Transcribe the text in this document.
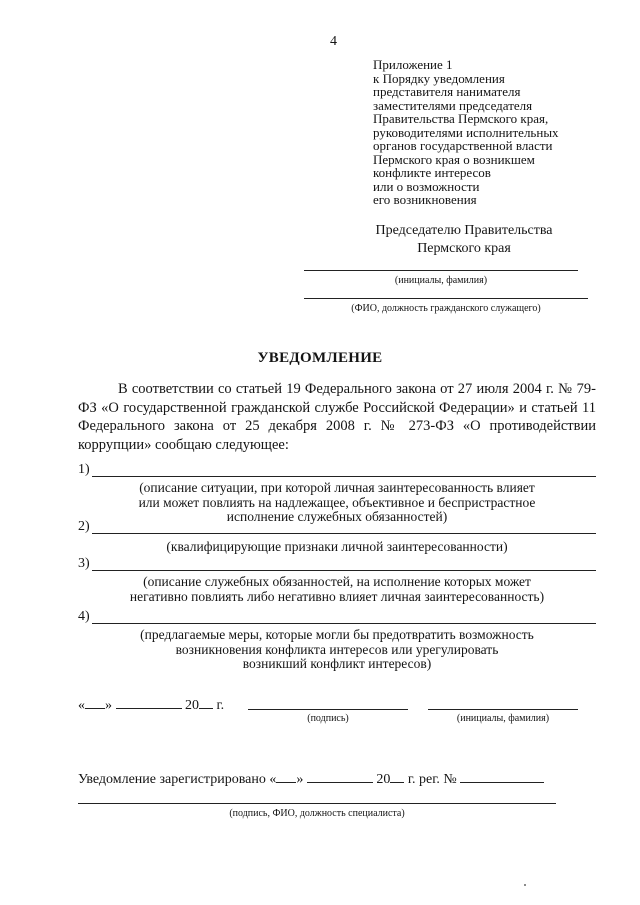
4
Приложение 1
к Порядку уведомления
представителя нанимателя
заместителями председателя
Правительства Пермского края,
руководителями исполнительных
органов государственной власти
Пермского края о возникшем
конфликте интересов
или о возможности
его возникновения
Председателю Правительства
Пермского края
(инициалы, фамилия)
(ФИО, должность гражданского служащего)
УВЕДОМЛЕНИЕ
В соответствии со статьей 19 Федерального закона от 27 июля 2004 г. № 79-ФЗ «О государственной гражданской службе Российской Федерации» и статьей 11 Федерального закона от 25 декабря 2008 г. № 273-ФЗ «О противодействии коррупции» сообщаю следующее:
1)
(описание ситуации, при которой личная заинтересованность влияет
или может повлиять на надлежащее, объективное и беспристрастное
исполнение служебных обязанностей)
2)
(квалифицирующие признаки личной заинтересованности)
3)
(описание служебных обязанностей, на исполнение которых может
негативно повлиять либо негативно влияет личная заинтересованность)
4)
(предлагаемые меры, которые могли бы предотвратить возможность
возникновения конфликта интересов или урегулировать
возникший конфликт интересов)
« »	20 г.
(подпись)	(инициалы, фамилия)
Уведомление зарегистрировано « »	20 г. рег. №
(подпись, ФИО, должность специалиста)
